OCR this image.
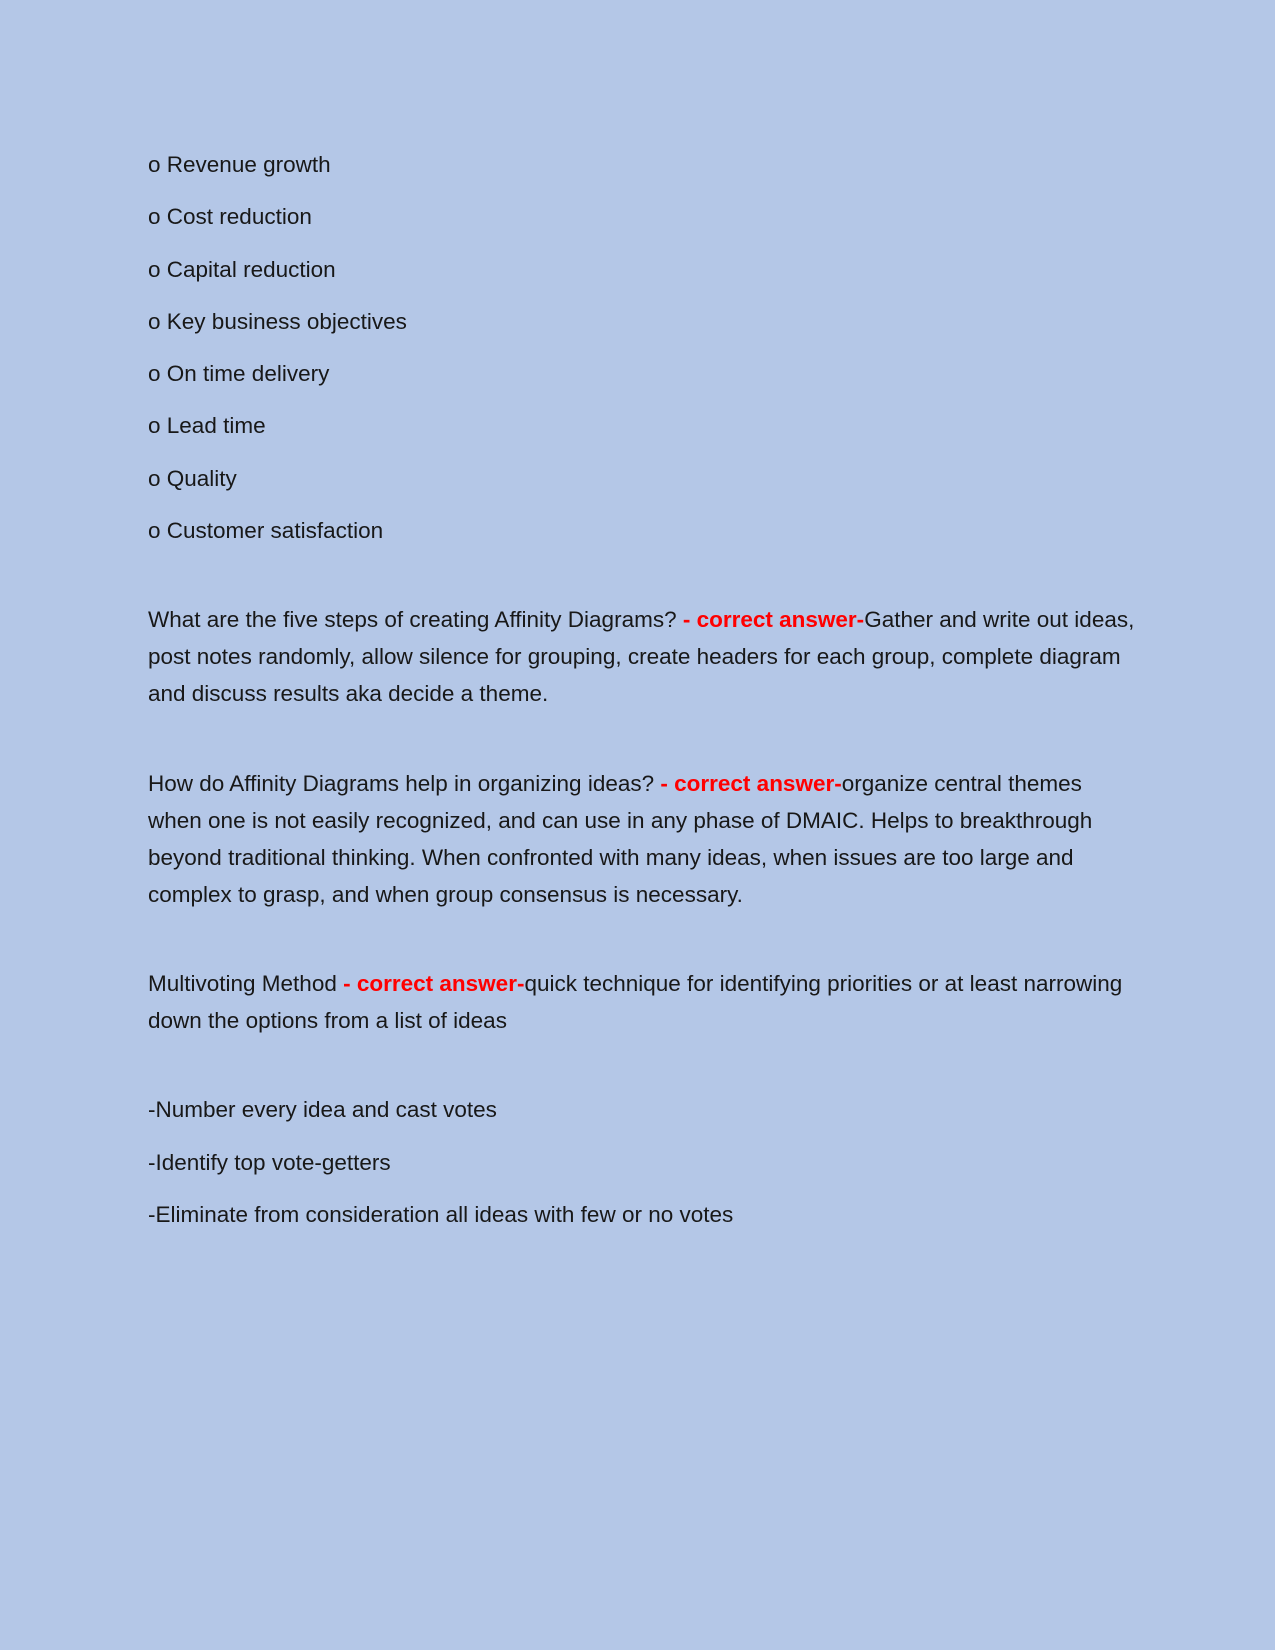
o Revenue growth

o Cost reduction

o Capital reduction

o Key business objectives

o On time delivery

o Lead time

o Quality

o Customer satisfaction

What are the five steps of creating Affinity Diagrams? - correct answer-Gather and write out ideas, post notes randomly, allow silence for grouping, create headers for each group, complete diagram and discuss results aka decide a theme.

How do Affinity Diagrams help in organizing ideas? - correct answer-organize central themes when one is not easily recognized, and can use in any phase of DMAIC. Helps to breakthrough beyond traditional thinking. When confronted with many ideas, when issues are too large and complex to grasp, and when group consensus is necessary.

Multivoting Method - correct answer-quick technique for identifying priorities or at least narrowing down the options from a list of ideas

-Number every idea and cast votes

-Identify top vote-getters

-Eliminate from consideration all ideas with few or no votes
